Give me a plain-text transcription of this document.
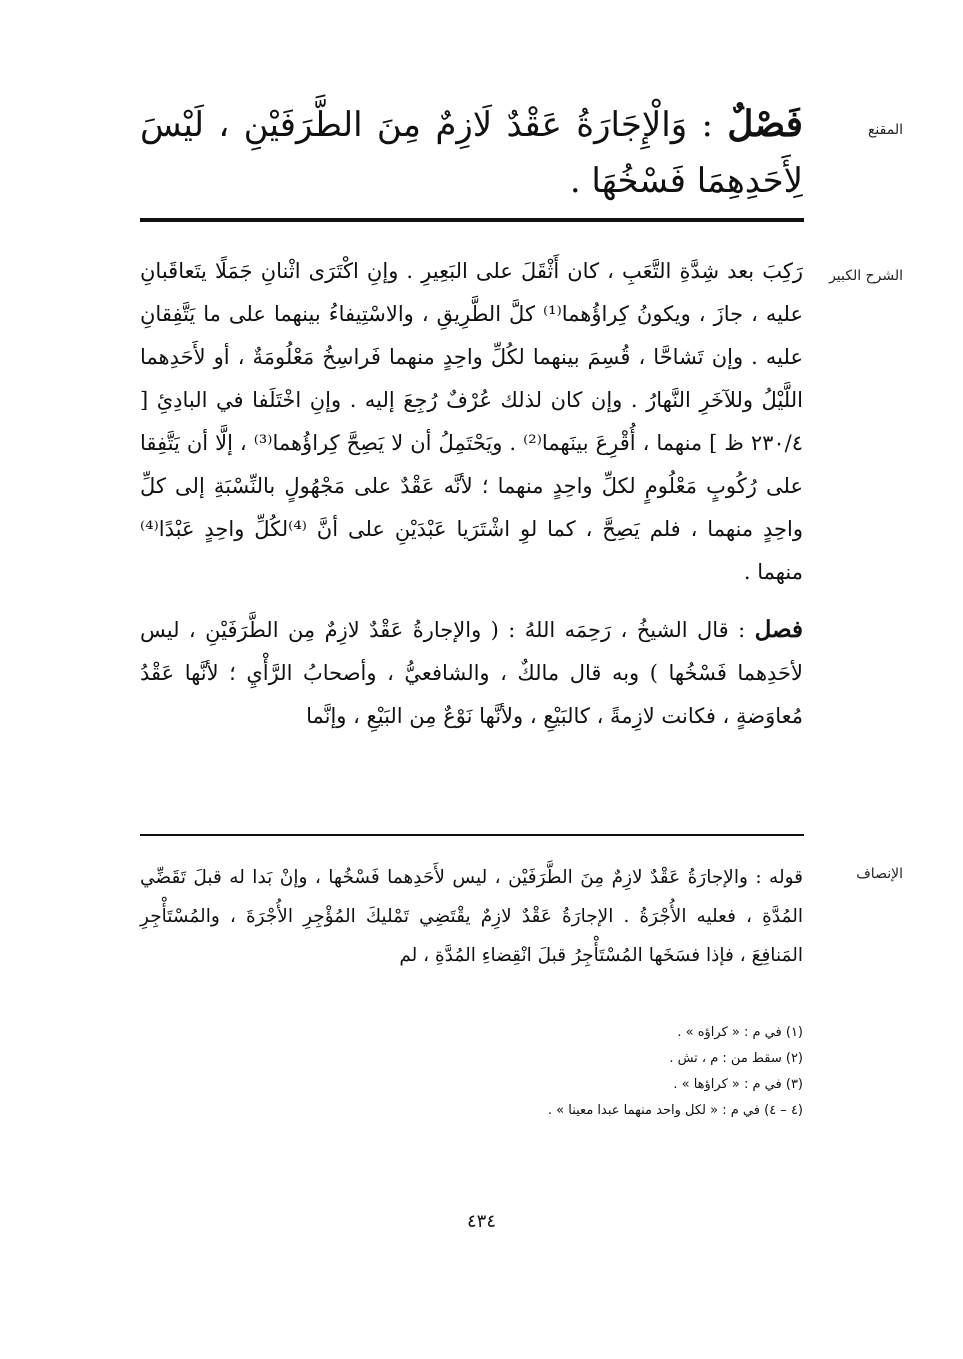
المقنع
فَصْلٌ : وَالْإِجَارَةُ عَقْدٌ لَازِمٌ مِنَ الطَّرَفَيْنِ ، لَيْسَ لِأَحَدِهِمَا فَسْخُهَا .
الشرح الكبير

رَكِبَ بعد شِدَّةِ التَّعَبِ ، كان أَثْقَلَ على البَعِيرِ . وإنِ اكْتَرَى اثْنانِ جَمَلًا يتَعاقَبانِ عليه ، جازَ ، ويكونُ كِراؤُهما⁽¹⁾ كلَّ الطَّرِيقِ ، والاسْتِيفاءُ بينهما على ما يَتَّفِقانِ عليه . وإن تَشاحَّا ، قُسِمَ بينهما لكُلِّ واحِدٍ منهما فَراسِخُ مَعْلُومَةٌ ، أو لأَحَدِهما اللَّيْلُ وللآخَرِ النَّهارُ . وإن كان لذلك عُرْفٌ رُجِعَ إليه . وإنِ اخْتَلَفا في البادِئِ [ ٢٣٠/٤ ظ ] منهما ، أُقْرِعَ بينَهما⁽²⁾ . ويَحْتَمِلُ أن لا يَصِحَّ كِراؤُهما⁽³⁾ ، إلَّا أن يَتَّفِقا على رُكُوبٍ مَعْلُومٍ لكلِّ واحِدٍ منهما ؛ لأنَّه عَقْدٌ على مَجْهُولٍ بالنِّسْبَةِ إلى كلِّ واحِدٍ منهما ، فلم يَصِحَّ ، كما لوِ اشْتَرَيا عَبْدَيْنِ على أنَّ ⁽⁴⁾لكُلِّ واحِدٍ عَبْدًا⁽⁴⁾ منهما .

فصل : قال الشيخُ ، رَحِمَه اللهُ : ( والإجارةُ عَقْدٌ لازِمٌ مِن الطَّرَفَيْنِ ، ليس لأحَدِهما فَسْخُها ) وبه قال مالكٌ ، والشافعيُّ ، وأصحابُ الرَّأْيِ ؛ لأنَّها عَقْدُ مُعاوَضةٍ ، فكانت لازِمةً ، كالبَيْعِ ، ولأنَّها نَوْعٌ مِن البَيْعِ ، وإنَّما

الإنصاف
قوله : والإجارَةُ عَقْدٌ لازِمٌ مِنَ الطَّرَفَيْن ، ليس لأَحَدِهما فَسْخُها ، وإنْ بَدا له قبلَ تَقَضِّي المُدَّةِ ، فعليه الأُجْرَةُ . الإجارَةُ عَقْدٌ لازِمٌ يقْتَضِي تَمْليكَ المُؤْجِرِ الأُجْرَةَ ، والمُسْتَأْجِرِ المَنافِعَ ، فإذا فسَخَها المُسْتَأْجِرُ قبلَ انْقِضاءِ المُدَّةِ ، لم
(١) في م : « كراؤه » .
(٢) سقط من : م ، تش .
(٣) في م : « كراؤها » .
(٤ – ٤) في م : « لكل واحد منهما عبدا معينا » .
٤٣٤
